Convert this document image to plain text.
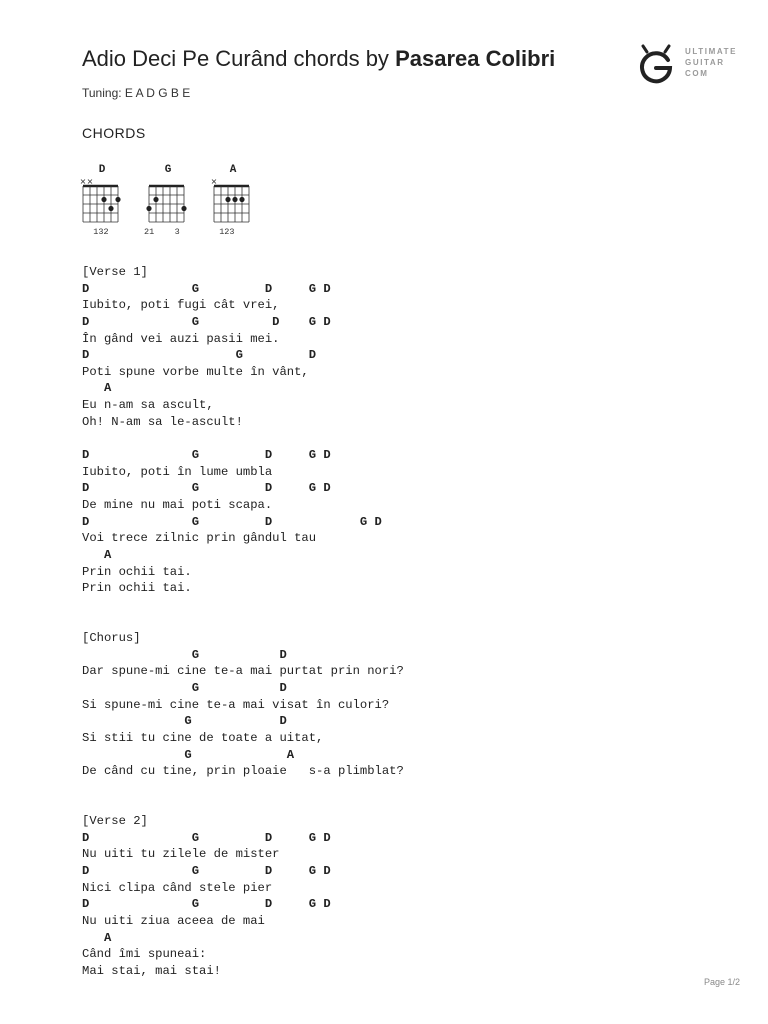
Adio Deci Pe Curând chords by Pasarea Colibri
Tuning: E A D G B E
ULTIMATE
GUITAR
COM
CHORDS
D
× ×
132
G
21    3
A
×
123
[Verse 1]
D              G         D     G D
Iubito, poti fugi cât vrei,
D              G          D    G D
În gând vei auzi pasii mei.
D                    G         D
Poti spune vorbe multe în vânt,
A
Eu n-am sa ascult,
Oh! N-am sa le-ascult!
D              G         D     G D
Iubito, poti în lume umbla
D              G         D     G D
De mine nu mai poti scapa.
D              G         D            G D
Voi trece zilnic prin gândul tau
A
Prin ochii tai.
Prin ochii tai.
[Chorus]
G           D
Dar spune-mi cine te-a mai purtat prin nori?
G           D
Si spune-mi cine te-a mai visat în culori?
G            D
Si stii tu cine de toate a uitat,
G             A
De când cu tine, prin ploaie   s-a plimblat?
[Verse 2]
D              G         D     G D
Nu uiti tu zilele de mister
D              G         D     G D
Nici clipa când stele pier
D              G         D     G D
Nu uiti ziua aceea de mai
A
Când îmi spuneai:
Mai stai, mai stai!
Page 1/2
